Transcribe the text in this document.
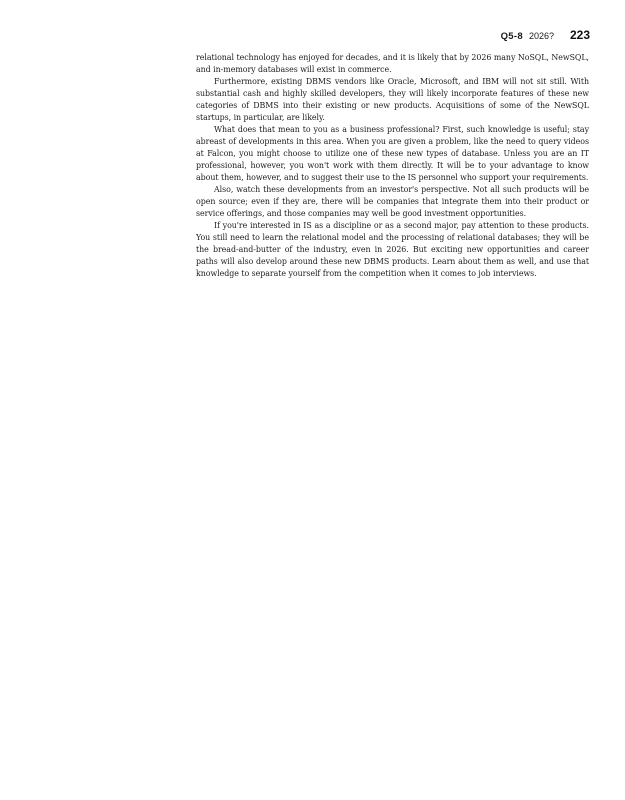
Q5-8 2026? 223

relational technology has enjoyed for decades, and it is likely that by 2026 many NoSQL, NewSQL, and in-memory databases will exist in commerce.

Furthermore, existing DBMS vendors like Oracle, Microsoft, and IBM will not sit still. With substantial cash and highly skilled developers, they will likely incorporate features of these new categories of DBMS into their existing or new products. Acquisitions of some of the NewSQL startups, in particular, are likely.

What does that mean to you as a business professional? First, such knowledge is useful; stay abreast of developments in this area. When you are given a problem, like the need to query videos at Falcon, you might choose to utilize one of these new types of database. Unless you are an IT professional, however, you won't work with them directly. It will be to your advantage to know about them, however, and to suggest their use to the IS personnel who support your requirements.

Also, watch these developments from an investor's perspective. Not all such products will be open source; even if they are, there will be companies that integrate them into their product or service offerings, and those companies may well be good investment opportunities.

If you're interested in IS as a discipline or as a second major, pay attention to these products. You still need to learn the relational model and the processing of relational databases; they will be the bread-and-butter of the industry, even in 2026. But exciting new opportunities and career paths will also develop around these new DBMS products. Learn about them as well, and use that knowledge to separate yourself from the competition when it comes to job interviews.
